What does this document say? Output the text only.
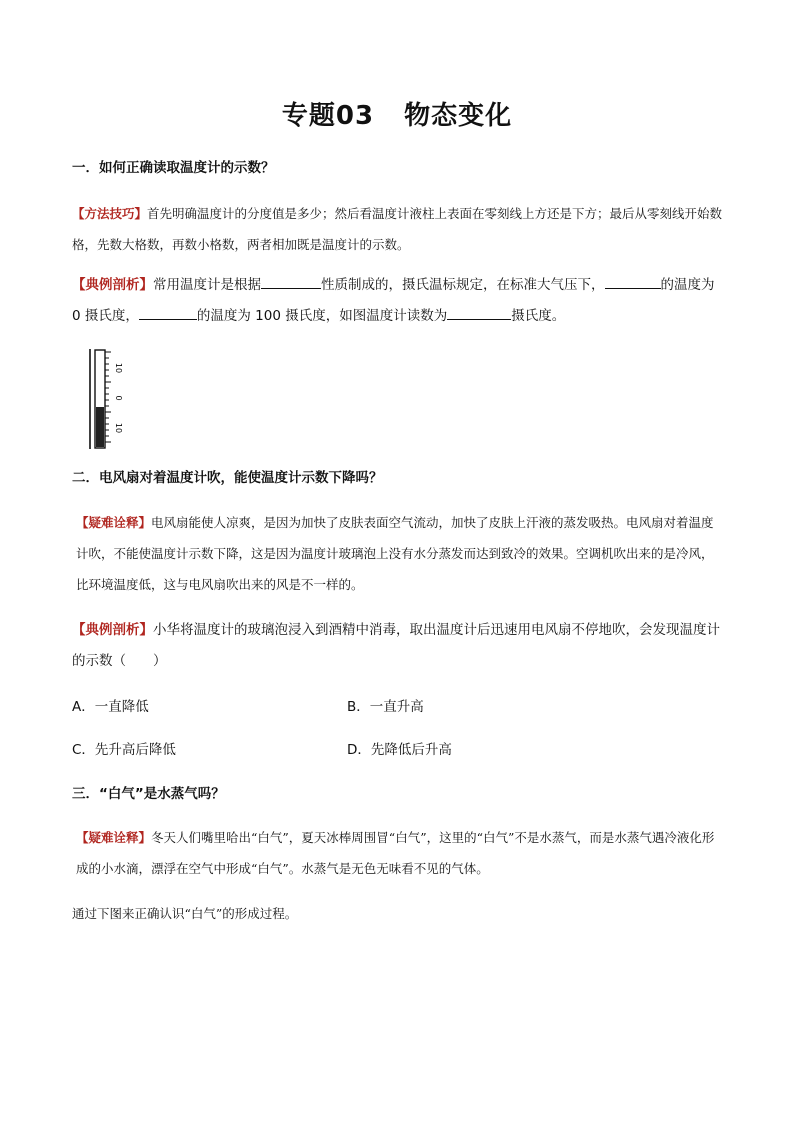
专题03 物态变化
一．如何正确读取温度计的示数？
【方法技巧】首先明确温度计的分度值是多少；然后看温度计液柱上表面在零刻线上方还是下方；最后从零刻线开始数格，先数大格数，再数小格数，两者相加既是温度计的示数。
【典例剖析】常用温度计是根据	性质制成的，摄氏温标规定，在标准大气压下，	的温度为 0 摄氏度，	的温度为 100 摄氏度，如图温度计读数为	摄氏度。
10
0
10
二．电风扇对着温度计吹，能使温度计示数下降吗？
【疑难诠释】电风扇能使人凉爽，是因为加快了皮肤表面空气流动，加快了皮肤上汗液的蒸发吸热。电风扇对着温度计吹，不能使温度计示数下降，这是因为温度计玻璃泡上没有水分蒸发而达到致冷的效果。空调机吹出来的是冷风，比环境温度低，这与电风扇吹出来的风是不一样的。
【典例剖析】小华将温度计的玻璃泡浸入到酒精中消毒，取出温度计后迅速用电风扇不停地吹，会发现温度计的示数（　　）
A．一直降低	B．一直升高
C．先升高后降低	D．先降低后升高
三．“白气”是水蒸气吗？
【疑难诠释】冬天人们嘴里哈出“白气”，夏天冰棒周围冒“白气”，这里的“白气”不是水蒸气，而是水蒸气遇冷液化形成的小水滴，漂浮在空气中形成“白气”。水蒸气是无色无味看不见的气体。
通过下图来正确认识“白气”的形成过程。
